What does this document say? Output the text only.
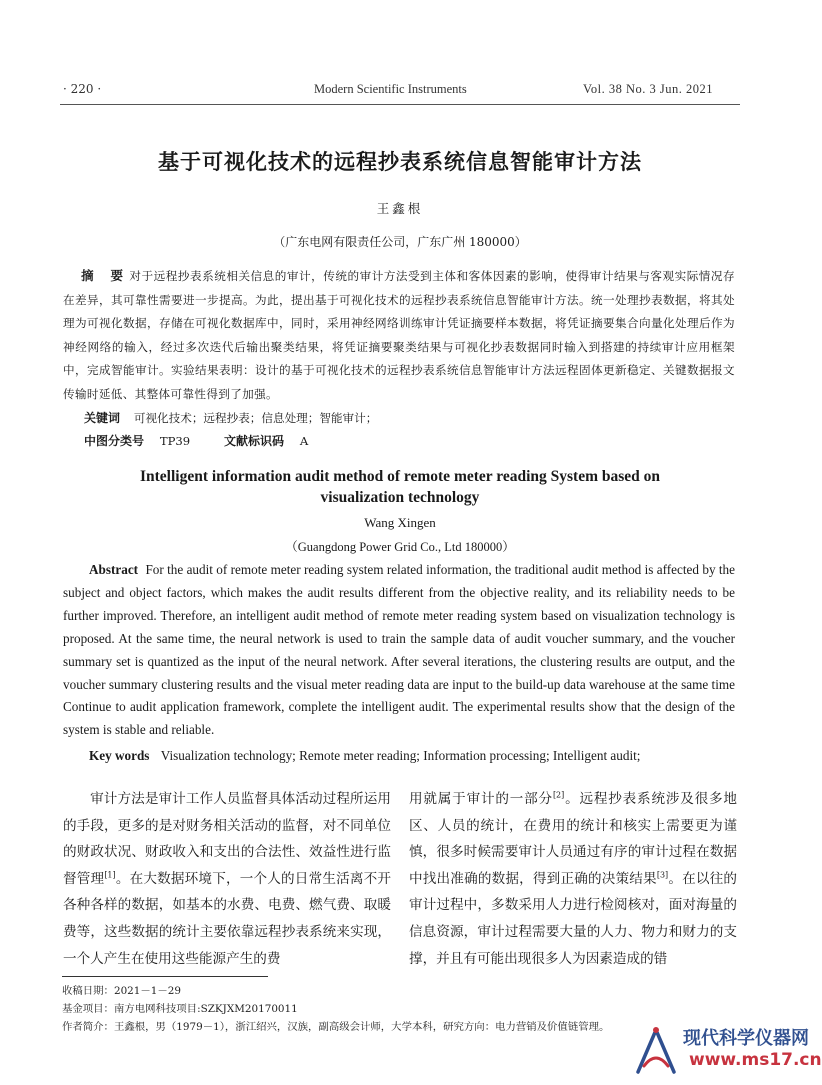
· 220 ·	Modern Scientific Instruments	Vol. 38 No. 3 Jun. 2021
基于可视化技术的远程抄表系统信息智能审计方法
王鑫根
（广东电网有限责任公司，广东广州 180000）
摘　要 对于远程抄表系统相关信息的审计，传统的审计方法受到主体和客体因素的影响，使得审计结果与客观实际情况存在差异，其可靠性需要进一步提高。为此，提出基于可视化技术的远程抄表系统信息智能审计方法。统一处理抄表数据，将其处理为可视化数据，存储在可视化数据库中，同时，采用神经网络训练审计凭证摘要样本数据，将凭证摘要集合向量化处理后作为神经网络的输入，经过多次迭代后输出聚类结果，将凭证摘要聚类结果与可视化抄表数据同时输入到搭建的持续审计应用框架中，完成智能审计。实验结果表明：设计的基于可视化技术的远程抄表系统信息智能审计方法远程固体更新稳定、关键数据报文传输时延低、其整体可靠性得到了加强。
关键词 可视化技术；远程抄表；信息处理；智能审计；
中图分类号 TP39	文献标识码 A
Intelligent information audit method of remote meter reading System based on
visualization technology
Wang Xingen
（Guangdong Power Grid Co., Ltd 180000）
Abstract For the audit of remote meter reading system related information, the traditional audit method is affected by the subject and object factors, which makes the audit results different from the objective reality, and its reliability needs to be further improved. Therefore, an intelligent audit method of remote meter reading system based on visualization technology is proposed. At the same time, the neural network is used to train the sample data of audit voucher summary, and the voucher summary set is quantized as the input of the neural network. After several iterations, the clustering results are output, and the voucher summary clustering results and the visual meter reading data are input to the build-up data warehouse at the same time Continue to audit application framework, complete the intelligent audit. The experimental results show that the design of the system is stable and reliable.
Key words Visualization technology; Remote meter reading; Information processing; Intelligent audit;
审计方法是审计工作人员监督具体活动过程所运用的手段，更多的是对财务相关活动的监督，对不同单位的财政状况、财政收入和支出的合法性、效益性进行监督管理[1]。在大数据环境下，一个人的日常生活离不开各种各样的数据，如基本的水费、电费、燃气费、取暖费等，这些数据的统计主要依靠远程抄表系统来实现，一个人产生在使用这些能源产生的费
用就属于审计的一部分[2]。远程抄表系统涉及很多地区、人员的统计，在费用的统计和核实上需要更为谨慎，很多时候需要审计人员通过有序的审计过程在数据中找出准确的数据，得到正确的决策结果[3]。在以往的审计过程中，多数采用人力进行检阅核对，面对海量的信息资源，审计过程需要大量的人力、物力和财力的支撑，并且有可能出现很多人为因素造成的错
收稿日期：2021－1－29
基金项目：南方电网科技项目:SZKJXM20170011
作者简介：王鑫根，男（1979－1），浙江绍兴，汉族，副高级会计师，大学本科，研究方向：电力营销及价值链管理。
现代科学仪器网
www.ms17.cn
